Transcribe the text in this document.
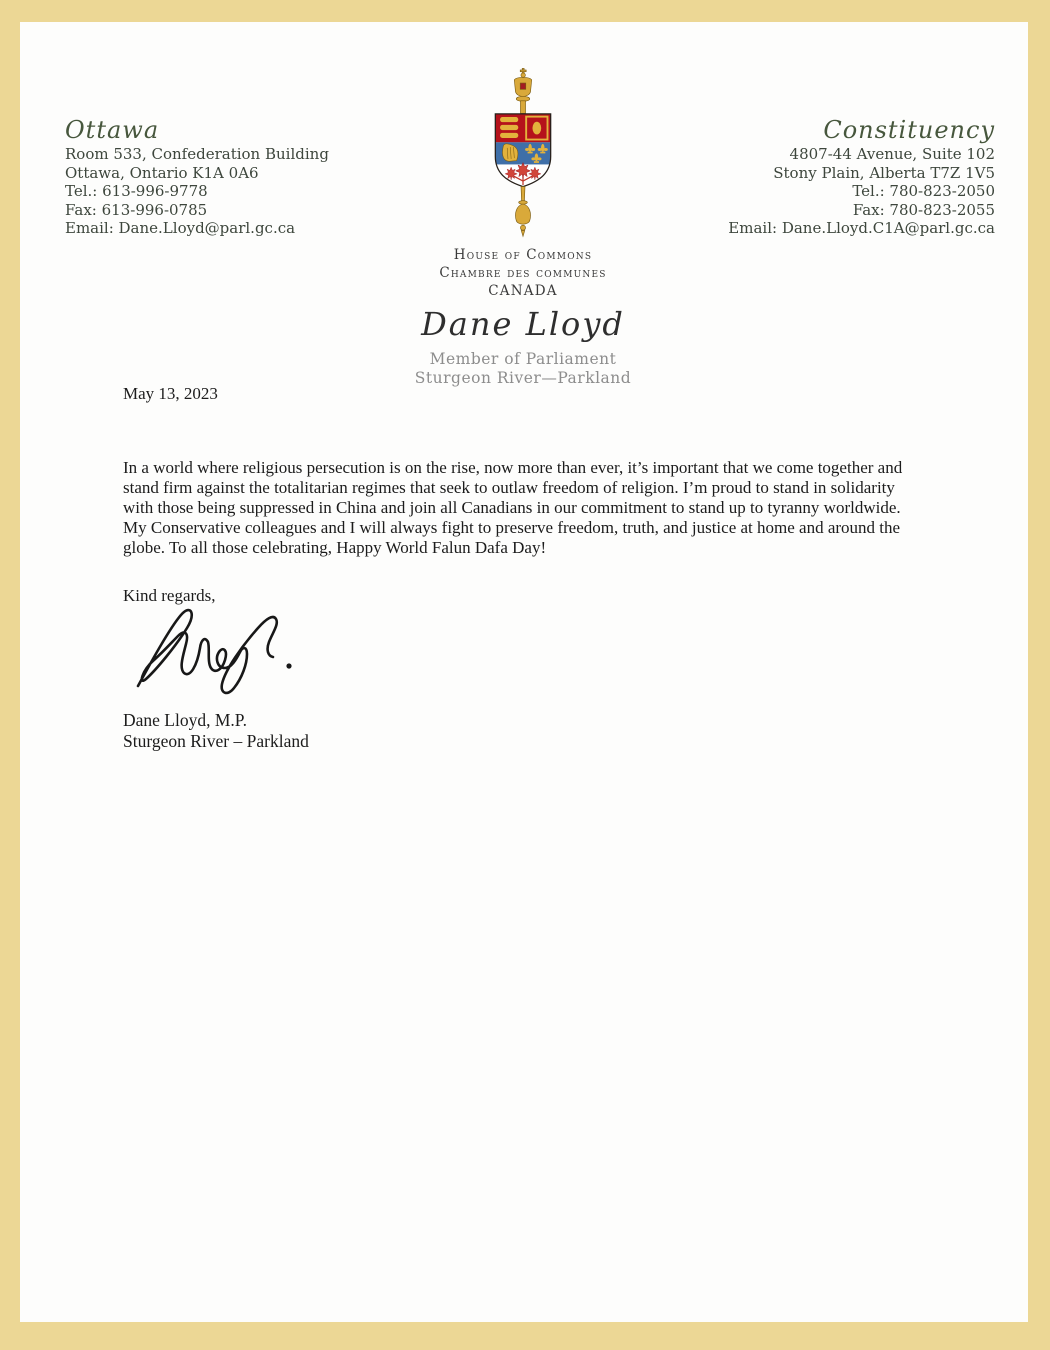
Ottawa
Room 533, Confederation Building
Ottawa, Ontario K1A 0A6
Tel.: 613-996-9778
Fax: 613-996-0785
Email: Dane.Lloyd@parl.gc.ca
Constituency
4807-44 Avenue, Suite 102
Stony Plain, Alberta T7Z 1V5
Tel.: 780-823-2050
Fax: 780-823-2055
Email: Dane.Lloyd.C1A@parl.gc.ca
House of Commons
Chambre des communes
CANADA
Dane Lloyd
Member of Parliament
Sturgeon River—Parkland
May 13, 2023

In a world where religious persecution is on the rise, now more than ever, it’s important that we come together and stand firm against the totalitarian regimes that seek to outlaw freedom of religion. I’m proud to stand in solidarity with those being suppressed in China and join all Canadians in our commitment to stand up to tyranny worldwide. My Conservative colleagues and I will always fight to preserve freedom, truth, and justice at home and around the globe. To all those celebrating, Happy World Falun Dafa Day!

Kind regards,
Dane Lloyd, M.P.
Sturgeon River – Parkland
